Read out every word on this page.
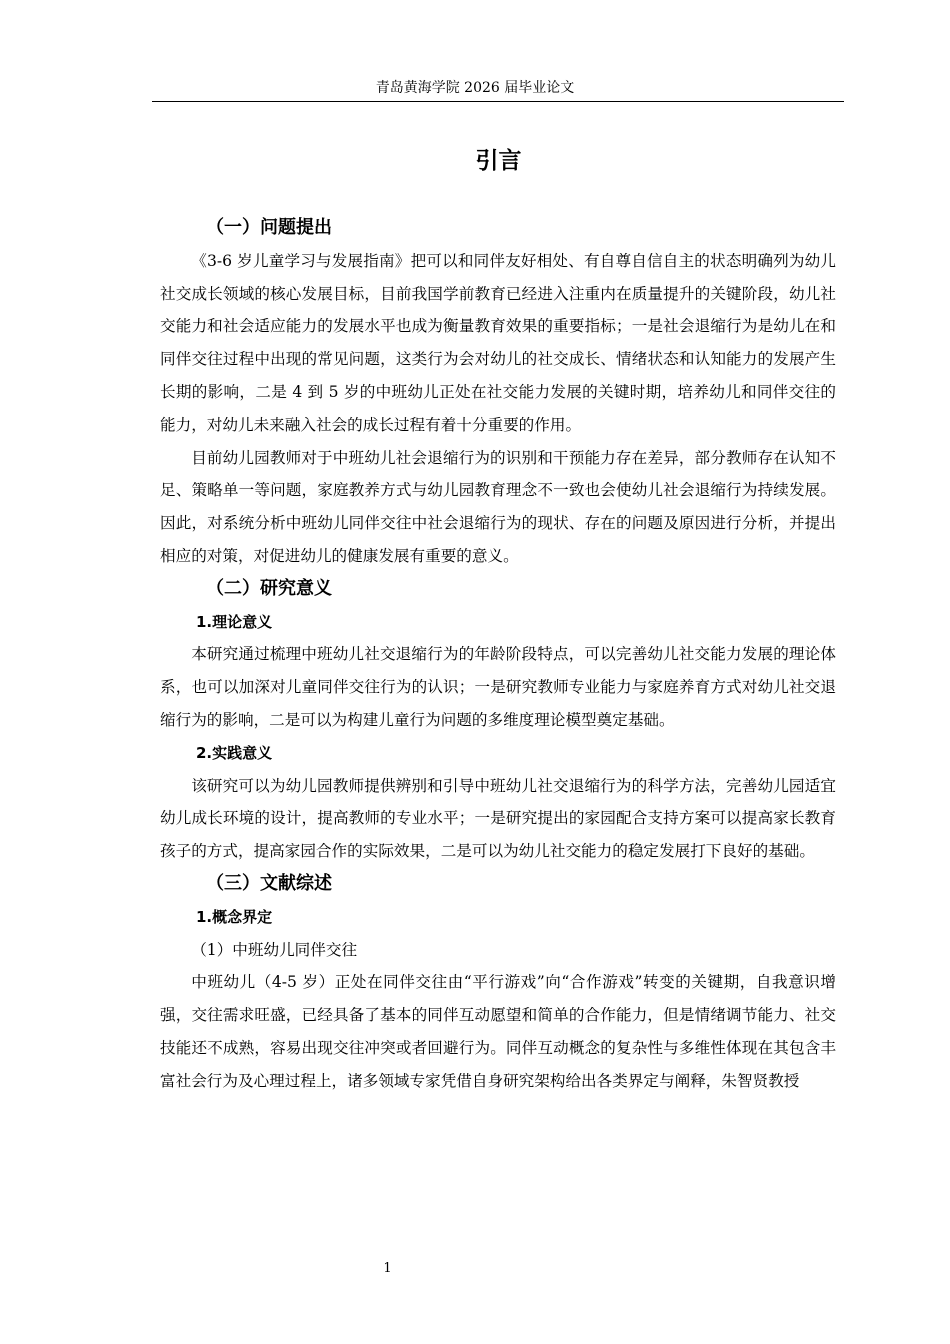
青岛黄海学院 2026 届毕业论文
引言
（一）问题提出
《3-6 岁儿童学习与发展指南》把可以和同伴友好相处、有自尊自信自主的状态明确列为幼儿社交成长领域的核心发展目标，目前我国学前教育已经进入注重内在质量提升的关键阶段，幼儿社交能力和社会适应能力的发展水平也成为衡量教育效果的重要指标；一是社会退缩行为是幼儿在和同伴交往过程中出现的常见问题，这类行为会对幼儿的社交成长、情绪状态和认知能力的发展产生长期的影响，二是 4 到 5 岁的中班幼儿正处在社交能力发展的关键时期，培养幼儿和同伴交往的能力，对幼儿未来融入社会的成长过程有着十分重要的作用。
目前幼儿园教师对于中班幼儿社会退缩行为的识别和干预能力存在差异，部分教师存在认知不足、策略单一等问题，家庭教养方式与幼儿园教育理念不一致也会使幼儿社会退缩行为持续发展。因此，对系统分析中班幼儿同伴交往中社会退缩行为的现状、存在的问题及原因进行分析，并提出相应的对策，对促进幼儿的健康发展有重要的意义。
（二）研究意义
1.理论意义
本研究通过梳理中班幼儿社交退缩行为的年龄阶段特点，可以完善幼儿社交能力发展的理论体系，也可以加深对儿童同伴交往行为的认识；一是研究教师专业能力与家庭养育方式对幼儿社交退缩行为的影响，二是可以为构建儿童行为问题的多维度理论模型奠定基础。
2.实践意义
该研究可以为幼儿园教师提供辨别和引导中班幼儿社交退缩行为的科学方法，完善幼儿园适宜幼儿成长环境的设计，提高教师的专业水平；一是研究提出的家园配合支持方案可以提高家长教育孩子的方式，提高家园合作的实际效果，二是可以为幼儿社交能力的稳定发展打下良好的基础。
（三）文献综述
1.概念界定
（1）中班幼儿同伴交往
中班幼儿（4-5 岁）正处在同伴交往由“平行游戏”向“合作游戏”转变的关键期，自我意识增强，交往需求旺盛，已经具备了基本的同伴互动愿望和简单的合作能力，但是情绪调节能力、社交技能还不成熟，容易出现交往冲突或者回避行为。同伴互动概念的复杂性与多维性体现在其包含丰富社会行为及心理过程上，诸多领域专家凭借自身研究架构给出各类界定与阐释，朱智贤教授
1
